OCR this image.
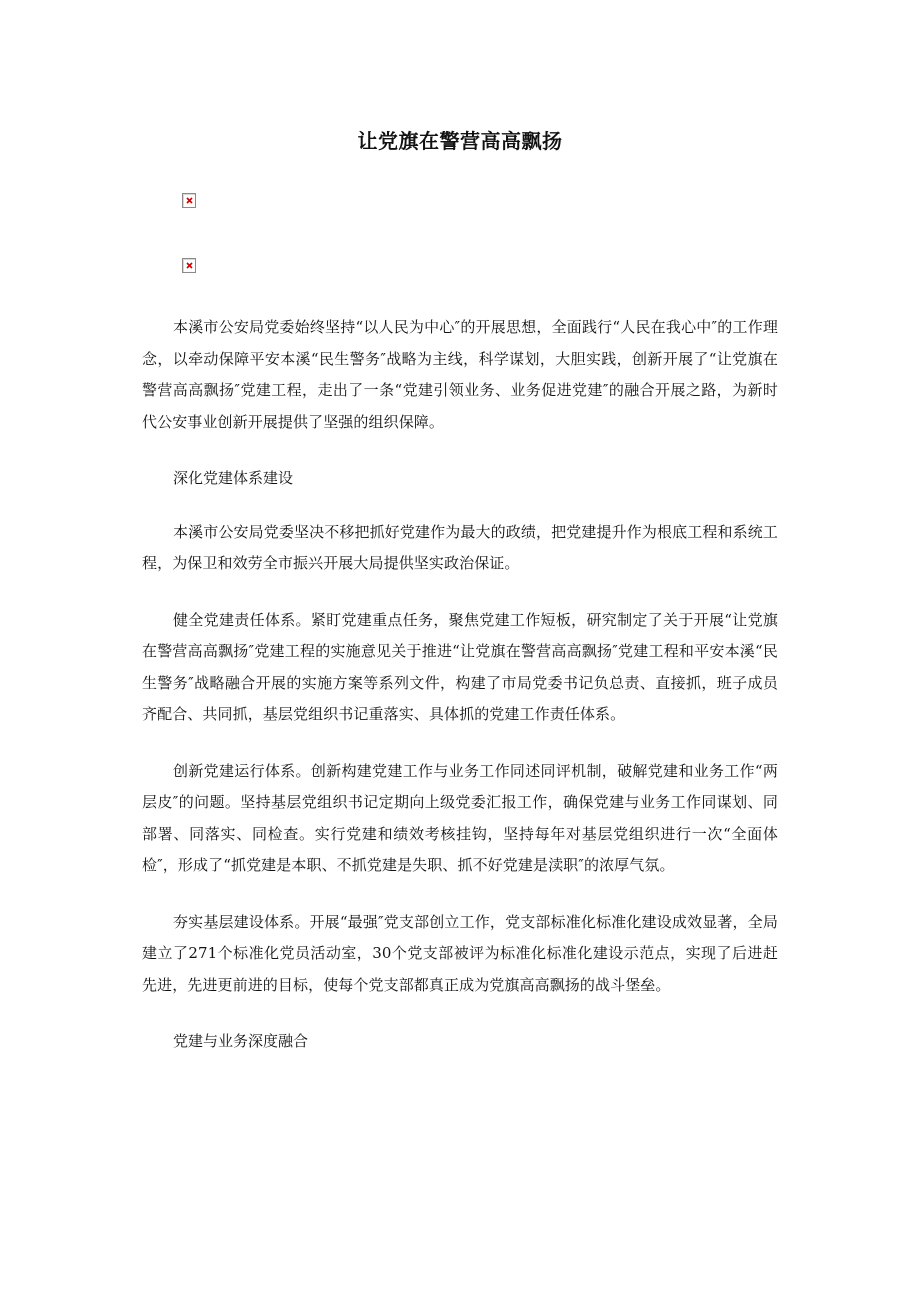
让党旗在警营高高飘扬

本溪市公安局党委始终坚持“以人民为中心″的开展思想，全面践行“人民在我心中″的工作理念，以牵动保障平安本溪“民生警务″战略为主线，科学谋划，大胆实践，创新开展了“让党旗在警营高高飘扬″党建工程，走出了一条“党建引领业务、业务促进党建″的融合开展之路，为新时代公安事业创新开展提供了坚强的组织保障。

深化党建体系建设

本溪市公安局党委坚决不移把抓好党建作为最大的政绩，把党建提升作为根底工程和系统工程，为保卫和效劳全市振兴开展大局提供坚实政治保证。

健全党建责任体系。紧盯党建重点任务，聚焦党建工作短板，研究制定了关于开展“让党旗在警营高高飘扬″党建工程的实施意见关于推进“让党旗在警营高高飘扬″党建工程和平安本溪“民生警务″战略融合开展的实施方案等系列文件，构建了市局党委书记负总责、直接抓，班子成员齐配合、共同抓，基层党组织书记重落实、具体抓的党建工作责任体系。

创新党建运行体系。创新构建党建工作与业务工作同述同评机制，破解党建和业务工作“两层皮″的问题。坚持基层党组织书记定期向上级党委汇报工作，确保党建与业务工作同谋划、同部署、同落实、同检查。实行党建和绩效考核挂钩，坚持每年对基层党组织进行一次“全面体检″，形成了“抓党建是本职、不抓党建是失职、抓不好党建是渎职″的浓厚气氛。

夯实基层建设体系。开展“最强″党支部创立工作，党支部标准化标准化建设成效显著，全局建立了271个标准化党员活动室，30个党支部被评为标准化标准化建设示范点，实现了后进赶先进，先进更前进的目标，使每个党支部都真正成为党旗高高飘扬的战斗堡垒。

党建与业务深度融合
